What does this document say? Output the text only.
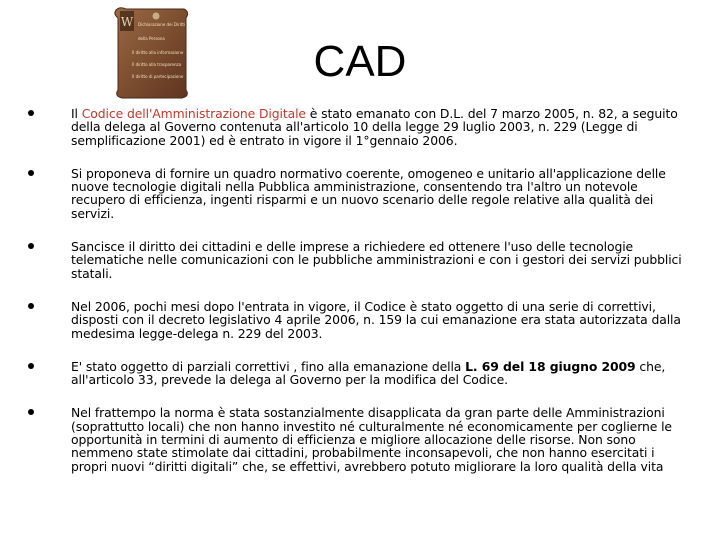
W Dichiarazione dei Diritti
della Persona
Il diritto alla informazione
Il diritto alla trasparenza
Il diritto di partecipazione	CAD
Il Codice dell'Amministrazione Digitale è stato emanato con D.L. del 7 marzo 2005, n. 82, a seguito della delega al Governo contenuta all'articolo 10 della legge 29 luglio 2003, n. 229 (Legge di semplificazione 2001) ed è entrato in vigore il 1°gennaio 2006.
Si proponeva di fornire un quadro normativo coerente, omogeneo e unitario all'applicazione delle nuove tecnologie digitali nella Pubblica amministrazione, consentendo tra l'altro un notevole recupero di efficienza, ingenti risparmi e un nuovo scenario delle regole relative alla qualità dei servizi.
Sancisce il diritto dei cittadini e delle imprese a richiedere ed ottenere l'uso delle tecnologie telematiche nelle comunicazioni con le pubbliche amministrazioni e con i gestori dei servizi pubblici statali.
Nel 2006, pochi mesi dopo l'entrata in vigore, il Codice è stato oggetto di una serie di correttivi, disposti con il decreto legislativo 4 aprile 2006, n. 159 la cui emanazione era stata autorizzata dalla medesima legge-delega n. 229 del 2003.
E' stato oggetto di parziali correttivi , fino alla emanazione della L. 69 del 18 giugno 2009 che, all'articolo 33, prevede la delega al Governo per la modifica del Codice.
Nel frattempo la norma è stata sostanzialmente disapplicata da gran parte delle Amministrazioni (soprattutto locali) che non hanno investito né culturalmente né economicamente per coglierne le opportunità in termini di aumento di efficienza e migliore allocazione delle risorse. Non sono nemmeno state stimolate dai cittadini, probabilmente inconsapevoli, che non hanno esercitati i propri nuovi “diritti digitali” che, se effettivi, avrebbero potuto migliorare la loro qualità della vita
